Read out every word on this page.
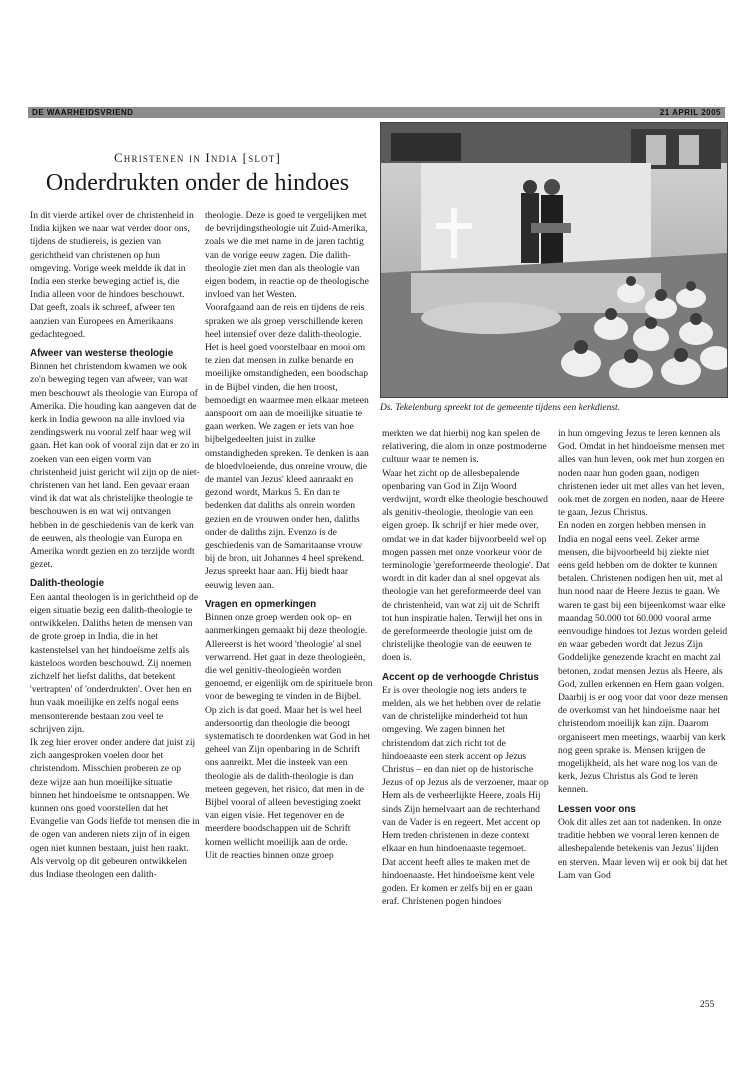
DE WAARHEIDSVRIEND	21 APRIL 2005
Christenen in India [slot]
Onderdrukten onder de hindoes
Ds. Tekelenburg spreekt tot de gemeente tijdens een kerkdienst.

In dit vierde artikel over de christenheid in India kijken we naar wat verder door ons, tijdens de studiereis, is gezien van gerichtheid van christenen op hun omgeving. Vorige week meldde ik dat in India een sterke beweging actief is, die India alleen voor de hindoes beschouwt. Dat geeft, zoals ik schreef, afweer ten aanzien van Europees en Amerikaans gedachtegoed.

Afweer van westerse theologie

Binnen het christendom kwamen we ook zo'n beweging tegen van afweer, van wat men beschouwt als theologie van Europa of Amerika. Die houding kan aangeven dat de kerk in India gewoon na alle invloed via zendingswerk nu vooral zelf haar weg wil gaan. Het kan ook of vooral zijn dat er zo in zoeken van een eigen vorm van christenheid juist gericht wil zijn op de niet-christenen van het land. Een gevaar eraan vind ik dat wat als christelijke theologie te beschouwen is en wat wij ontvangen hebben in de geschiedenis van de kerk van de eeuwen, als theologie van Europa en Amerika wordt gezien en zo terzijde wordt gezet.

Dalith-theologie

Een aantal theologen is in gerichtheid op de eigen situatie bezig een dalith-theologie te ontwikkelen. Daliths heten de mensen van de grote groep in India, die in het kastenstelsel van het hindoeïsme zelfs als kasteloos worden beschouwd. Zij noemen zichzelf het liefst daliths, dat betekent 'vertrapten' of 'onderdrukten'. Over hen en hun vaak moeilijke en zelfs nogal eens mensonterende bestaan zou veel te schrijven zijn.

Ik zeg hier erover onder andere dat juist zij zich aangesproken voelen door het christendom. Misschien proberen ze op deze wijze aan hun moeilijke situatie binnen het hindoeïsme te ontsnappen. We kunnen ons goed voorstellen dat het Evangelie van Gods liefde tot mensen die in de ogen van anderen niets zijn of in eigen ogen niet kunnen bestaan, juist hen raakt. Als vervolg op dit gebeuren ontwikkelen dus Indiase theologen een dalith-

theologie. Deze is goed te vergelijken met de bevrijdingstheologie uit Zuid-Amerika, zoals we die met name in de jaren tachtig van de vorige eeuw zagen. Die dalith-theologie ziet men dan als theologie van eigen bodem, in reactie op de theologische invloed van het Westen.

Voorafgaand aan de reis en tijdens de reis spraken we als groep verschillende keren heel intensief over deze dalith-theologie. Het is heel goed voorstelbaar en mooi om te zien dat mensen in zulke benarde en moeilijke omstandigheden, een boodschap in de Bijbel vinden, die hen troost, bemoedigt en waarmee men elkaar meteen aanspoort om aan de moeilijke situatie te gaan werken. We zagen er iets van hoe bijbelgedeelten juist in zulke omstandigheden spreken. Te denken is aan de bloedvloeiende, dus onreine vrouw, die de mantel van Jezus' kleed aanraakt en gezond wordt, Markus 5. En dan te bedenken dat daliths als onrein worden gezien en de vrouwen onder hen, daliths onder de daliths zijn. Evenzo is de geschiedenis van de Samaritaanse vrouw bij de bron, uit Johannes 4 heel sprekend. Jezus spreekt haar aan. Hij biedt haar eeuwig leven aan.

Vragen en opmerkingen

Binnen onze groep werden ook op- en aanmerkingen gemaakt bij deze theologie. Allereerst is het woord 'theologie' al snel verwarrend. Het gaat in deze theologieën, die wel genitiv-theologieën worden genoemd, er eigenlijk om de spirituele bron voor de beweging te vinden in de Bijbel. Op zich is dat goed. Maar het is wel heel andersoortig dan theologie die beoogt systematisch te doordenken wat God in het geheel van Zijn openbaring in de Schrift ons aanreikt. Met die insteek van een theologie als de dalith-theologie is dan meteen gegeven, het risico, dat men in de Bijbel vooral of alleen bevestiging zoekt van eigen visie. Het tegenover en de meerdere boodschappen uit de Schrift komen wellicht moeilijk aan de orde.

Uit de reacties binnen onze groep

merkten we dat hierbij nog kan spelen de relativering, die alom in onze postmoderne cultuur waar te nemen is.

Waar het zicht op de allesbepalende openbaring van God in Zijn Woord verdwijnt, wordt elke theologie beschouwd als genitiv-theologie, theologie van een eigen groep. Ik schrijf er hier mede over, omdat we in dat kader bijvoorbeeld wel op mogen passen met onze voorkeur voor de terminologie 'gereformeerde theologie'. Dat wordt in dit kader dan al snel opgevat als theologie van het gereformeerde deel van de christenheid, van wat zij uit de Schrift tot hun inspiratie halen. Terwijl het ons in de gereformeerde theologie juist om de christelijke theologie van de eeuwen te doen is.

Accent op de verhoogde Christus

Er is over theologie nog iets anders te melden, als we het hebben over de relatie van de christelijke minderheid tot hun omgeving. We zagen binnen het christendom dat zich richt tot de hindoeaaste een sterk accent op Jezus Christus – en dan niet op de historische Jezus of op Jezus als de verzoener, maar op Hem als de verheerlijkte Heere, zoals Hij sinds Zijn hemelvaart aan de rechterhand van de Vader is en regeert. Met accent op Hem treden christenen in deze context elkaar en hun hindoenaaste tegemoet.

Dat accent heeft alles te maken met de hindoenaaste. Het hindoeïsme kent vele goden. Er komen er zelfs bij en er gaan eraf. Christenen pogen hindoes

in hun omgeving Jezus te leren kennen als God. Omdat in het hindoeïsme mensen met alles van hun leven, ook met hun zorgen en noden naar hun goden gaan, nodigen christenen ieder uit met alles van het leven, ook met de zorgen en noden, naar de Heere te gaan, Jezus Christus.

En noden en zorgen hebben mensen in India en nogal eens veel. Zeker arme mensen, die bijvoorbeeld bij ziekte niet eens geld hebben om de dokter te kunnen betalen. Christenen nodigen hen uit, met al hun nood naar de Heere Jezus te gaan. We waren te gast bij een bijeenkomst waar elke maandag 50.000 tot 60.000 vooral arme eenvoudige hindoes tot Jezus worden geleid en waar gebeden wordt dat Jezus Zijn Goddelijke genezende kracht en macht zal betonen, zodat mensen Jezus als Heere, als God, zullen erkennen en Hem gaan volgen.

Daarbij is er oog voor dat voor deze mensen de overkomst van het hindoeïsme naar het christendom moeilijk kan zijn. Daarom organiseert men meetings, waarbij van kerk nog geen sprake is. Mensen krijgen de mogelijkheid, als het ware nog los van de kerk, Jezus Christus als God te leren kennen.

Lessen voor ons

Ook dit alles zet aan tot nadenken. In onze traditie hebben we vooral leren kennen de allesbepalende betekenis van Jezus' lijden en sterven. Maar leven wij er ook bij dat het Lam van God

255
